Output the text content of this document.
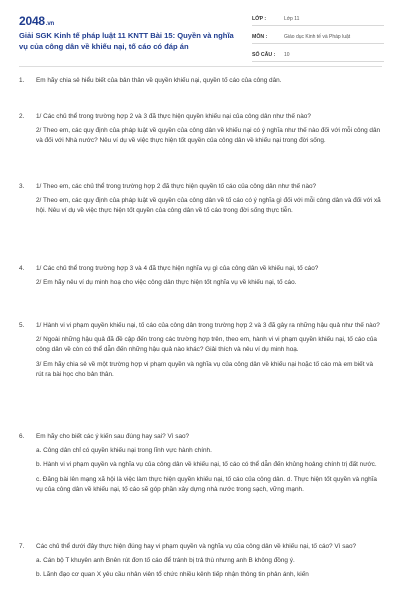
2048.vn
Giải SGK Kinh tế pháp luật 11 KNTT Bài 15: Quyền và nghĩa vụ của công dân về khiếu nại, tố cáo có đáp án
LỚP :	Lớp 11
MÔN :	Giáo dục Kinh tế và Pháp luật
SỐ CÂU :	10
1. Em hãy chia sẻ hiểu biết của bản thân về quyền khiếu nại, quyền tố cáo của công dân.

2. 1/ Các chủ thể trong trường hợp 2 và 3 đã thực hiện quyền khiếu nại của công dân như thế nào?

2/ Theo em, các quy định của pháp luật về quyền của công dân về khiếu nại có ý nghĩa như thế nào đối với mỗi công dân và đối với Nhà nước? Nêu ví dụ về việc thực hiện tốt quyền của công dân về khiếu nại trong đời sống.

3. 1/ Theo em, các chủ thể trong trường hợp 2 đã thực hiện quyền tố cáo của công dân như thế nào?

2/ Theo em, các quy định của pháp luật về quyền của công dân về tố cáo có ý nghĩa gì đối với mỗi công dân và đối với xã hội. Nêu ví dụ về việc thực hiện tốt quyền của công dân về tố cáo trong đời sống thực tiễn.

4. 1/ Các chủ thể trong trường hợp 3 và 4 đã thực hiện nghĩa vụ gì của công dân về khiếu nại, tố cáo?

2/ Em hãy nêu ví dụ minh hoạ cho việc công dân thực hiện tốt nghĩa vụ về khiếu nại, tố cáo.

5. 1/ Hành vi vi phạm quyền khiếu nại, tố cáo của công dân trong trường hợp 2 và 3 đã gây ra những hậu quả như thế nào?

2/ Ngoài những hậu quả đã đề cập đến trong các trường hợp trên, theo em, hành vi vi phạm quyền khiếu nại, tố cáo của công dân về còn có thể dẫn đến những hậu quả nào khác? Giải thích và nêu ví dụ minh hoạ.

3/ Em hãy chia sẻ về một trường hợp vi phạm quyền và nghĩa vụ của công dân về khiếu nại hoặc tố cáo mà em biết và rút ra bài học cho bản thân.

6. Em hãy cho biết các ý kiến sau đúng hay sai? Vì sao?

a. Công dân chỉ có quyền khiếu nại trong lĩnh vực hành chính.

b. Hành vi vi phạm quyền và nghĩa vụ của công dân về khiếu nại, tố cáo có thể dẫn đến khủng hoảng chính trị đất nước.

c. Đăng bài lên mạng xã hội là việc làm thực hiện quyền khiếu nại, tố cáo của công dân. d. Thực hiện tốt quyền và nghĩa vụ của công dân về khiếu nại, tố cáo sẽ góp phần xây dựng nhà nước trong sạch, vững mạnh.

7. Các chủ thể dưới đây thực hiện đúng hay vi phạm quyền và nghĩa vụ của công dân về khiếu nại, tố cáo? Vì sao?

a. Cán bộ T khuyên anh Bnên rút đơn tố cáo để tránh bị trả thù nhưng anh B không đồng ý.

b. Lãnh đạo cơ quan X yêu cầu nhân viên tổ chức nhiều kênh tiếp nhận thông tin phản ánh, kiến
